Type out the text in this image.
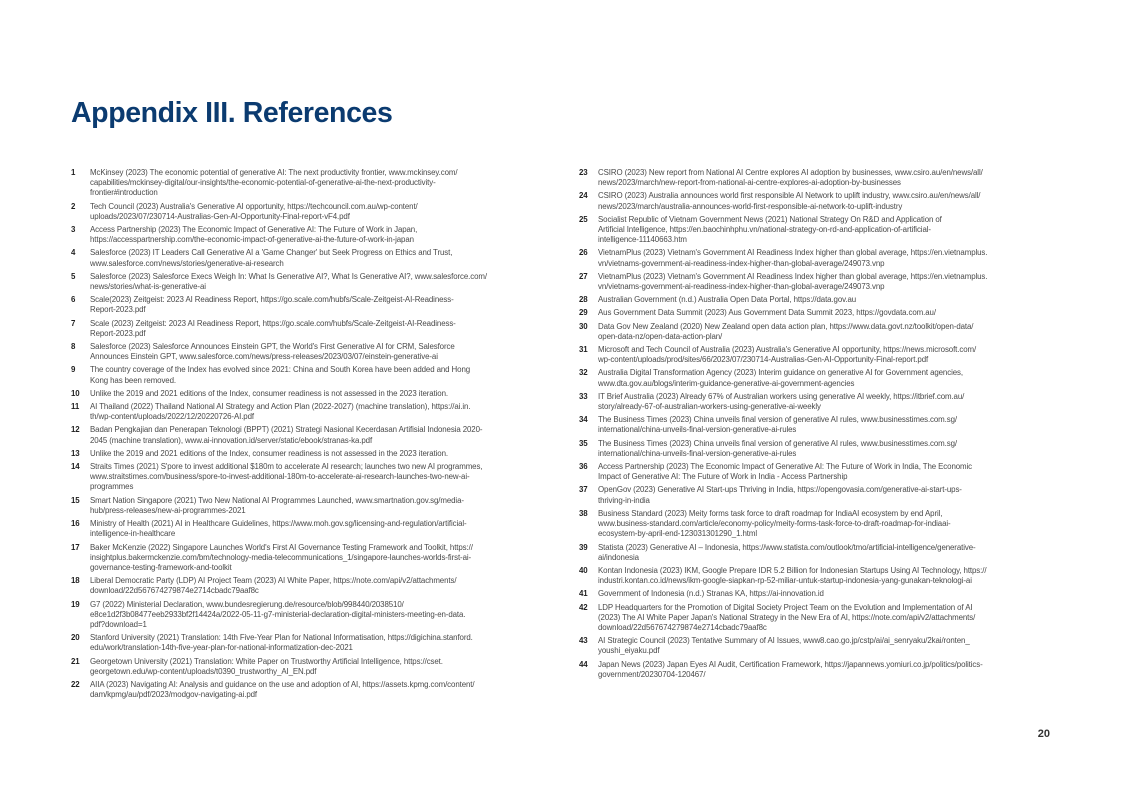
Appendix III. References
1	McKinsey (2023) The economic potential of generative AI: The next productivity frontier, www.mckinsey.com/
capabilities/mckinsey-digital/our-insights/the-economic-potential-of-generative-ai-the-next-productivity-
frontier#introduction
2	Tech Council (2023) Australia's Generative AI opportunity, https://techcouncil.com.au/wp-content/
uploads/2023/07/230714-Australias-Gen-AI-Opportunity-Final-report-vF4.pdf
3	Access Partnership (2023) The Economic Impact of Generative AI: The Future of Work in Japan,
https://accesspartnership.com/the-economic-impact-of-generative-ai-the-future-of-work-in-japan
4	Salesforce (2023) IT Leaders Call Generative AI a 'Game Changer' but Seek Progress on Ethics and Trust,
www.salesforce.com/news/stories/generative-ai-research
5	Salesforce (2023) Salesforce Execs Weigh In: What Is Generative AI?, What Is Generative AI?, www.salesforce.com/
news/stories/what-is-generative-ai
6	Scale(2023) Zeitgeist: 2023 AI Readiness Report, https://go.scale.com/hubfs/Scale-Zeitgeist-AI-Readiness-
Report-2023.pdf
7	Scale (2023) Zeitgeist: 2023 AI Readiness Report, https://go.scale.com/hubfs/Scale-Zeitgeist-AI-Readiness-
Report-2023.pdf
8	Salesforce (2023) Salesforce Announces Einstein GPT, the World's First Generative AI for CRM, Salesforce
Announces Einstein GPT, www.salesforce.com/news/press-releases/2023/03/07/einstein-generative-ai
9	The country coverage of the Index has evolved since 2021: China and South Korea have been added and Hong
Kong has been removed.
10	Unlike the 2019 and 2021 editions of the Index, consumer readiness is not assessed in the 2023 iteration.
11	AI Thailand (2022) Thailand National AI Strategy and Action Plan (2022-2027) (machine translation), https://ai.in.
th/wp-content/uploads/2022/12/20220726-AI.pdf
12	Badan Pengkajian dan Penerapan Teknologi (BPPT) (2021) Strategi Nasional Kecerdasan Artifisial Indonesia 2020-
2045 (machine translation), www.ai-innovation.id/server/static/ebook/stranas-ka.pdf
13	Unlike the 2019 and 2021 editions of the Index, consumer readiness is not assessed in the 2023 iteration.
14	Straits Times (2021) S'pore to invest additional $180m to accelerate AI research; launches two new AI programmes,
www.straitstimes.com/business/spore-to-invest-additional-180m-to-accelerate-ai-research-launches-two-new-ai-
programmes
15	Smart Nation Singapore (2021) Two New National AI Programmes Launched, www.smartnation.gov.sg/media-
hub/press-releases/new-ai-programmes-2021
16	Ministry of Health (2021) AI in Healthcare Guidelines, https://www.moh.gov.sg/licensing-and-regulation/artificial-
intelligence-in-healthcare
17	Baker McKenzie (2022) Singapore Launches World's First AI Governance Testing Framework and Toolkit, https://
insightplus.bakermckenzie.com/bm/technology-media-telecommunications_1/singapore-launches-worlds-first-ai-
governance-testing-framework-and-toolkit
18	Liberal Democratic Party (LDP) AI Project Team (2023) AI White Paper, https://note.com/api/v2/attachments/
download/22d567674279874e2714cbadc79aaf8c
19	G7 (2022) Ministerial Declaration, www.bundesregierung.de/resource/blob/998440/2038510/
e8ce1d2f3b08477eeb2933bf2f14424a/2022-05-11-g7-ministerial-declaration-digital-ministers-meeting-en-data.
pdf?download=1
20	Stanford University (2021) Translation: 14th Five-Year Plan for National Informatisation, https://digichina.stanford.
edu/work/translation-14th-five-year-plan-for-national-informatization-dec-2021
21	Georgetown University (2021) Translation: White Paper on Trustworthy Artificial Intelligence, https://cset.
georgetown.edu/wp-content/uploads/t0390_trustworthy_AI_EN.pdf
22	AIIA (2023) Navigating AI: Analysis and guidance on the use and adoption of AI, https://assets.kpmg.com/content/
dam/kpmg/au/pdf/2023/modgov-navigating-ai.pdf
23	CSIRO (2023) New report from National AI Centre explores AI adoption by businesses, www.csiro.au/en/news/all/
news/2023/march/new-report-from-national-ai-centre-explores-ai-adoption-by-businesses
24	CSIRO (2023) Australia announces world first responsible AI Network to uplift industry, www.csiro.au/en/news/all/
news/2023/march/australia-announces-world-first-responsible-ai-network-to-uplift-industry
25	Socialist Republic of Vietnam Government News (2021) National Strategy On R&D and Application of
Artificial Intelligence, https://en.baochinhphu.vn/national-strategy-on-rd-and-application-of-artificial-
intelligence-11140663.htm
26	VietnamPlus (2023) Vietnam's Government AI Readiness Index higher than global average, https://en.vietnamplus.
vn/vietnams-government-ai-readiness-index-higher-than-global-average/249073.vnp
27	VietnamPlus (2023) Vietnam's Government AI Readiness Index higher than global average, https://en.vietnamplus.
vn/vietnams-government-ai-readiness-index-higher-than-global-average/249073.vnp
28	Australian Government (n.d.) Australia Open Data Portal, https://data.gov.au
29	Aus Government Data Summit (2023) Aus Government Data Summit 2023, https://govdata.com.au/
30	Data Gov New Zealand (2020) New Zealand open data action plan, https://www.data.govt.nz/toolkit/open-data/
open-data-nz/open-data-action-plan/
31	Microsoft and Tech Council of Australia (2023) Australia's Generative AI opportunity, https://news.microsoft.com/
wp-content/uploads/prod/sites/66/2023/07/230714-Australias-Gen-AI-Opportunity-Final-report.pdf
32	Australia Digital Transformation Agency (2023) Interim guidance on generative AI for Government agencies,
www.dta.gov.au/blogs/interim-guidance-generative-ai-government-agencies
33	IT Brief Australia (2023) Already 67% of Australian workers using generative AI weekly, https://itbrief.com.au/
story/already-67-of-australian-workers-using-generative-ai-weekly
34	The Business Times (2023) China unveils final version of generative AI rules, www.businesstimes.com.sg/
international/china-unveils-final-version-generative-ai-rules
35	The Business Times (2023) China unveils final version of generative AI rules, www.businesstimes.com.sg/
international/china-unveils-final-version-generative-ai-rules
36	Access Partnership (2023) The Economic Impact of Generative AI: The Future of Work in India, The Economic
Impact of Generative AI: The Future of Work in India - Access Partnership
37	OpenGov (2023) Generative AI Start-ups Thriving in India, https://opengovasia.com/generative-ai-start-ups-
thriving-in-india
38	Business Standard (2023) Meity forms task force to draft roadmap for IndiaAI ecosystem by end April,
www.business-standard.com/article/economy-policy/meity-forms-task-force-to-draft-roadmap-for-indiaai-
ecosystem-by-april-end-123031301290_1.html
39	Statista (2023) Generative AI – Indonesia, https://www.statista.com/outlook/tmo/artificial-intelligence/generative-
ai/indonesia
40	Kontan Indonesia (2023) IKM, Google Prepare IDR 5.2 Billion for Indonesian Startups Using AI Technology, https://
industri.kontan.co.id/news/ikm-google-siapkan-rp-52-miliar-untuk-startup-indonesia-yang-gunakan-teknologi-ai
41	Government of Indonesia (n.d.) Stranas KA, https://ai-innovation.id
42	LDP Headquarters for the Promotion of Digital Society Project Team on the Evolution and Implementation of AI
(2023) The AI White Paper Japan's National Strategy in the New Era of AI, https://note.com/api/v2/attachments/
download/22d567674279874e2714cbadc79aaf8c
43	AI Strategic Council (2023) Tentative Summary of AI Issues, www8.cao.go.jp/cstp/ai/ai_senryaku/2kai/ronten_
youshi_eiyaku.pdf
44	Japan News (2023) Japan Eyes AI Audit, Certification Framework, https://japannews.yomiuri.co.jp/politics/politics-
government/20230704-120467/
20
